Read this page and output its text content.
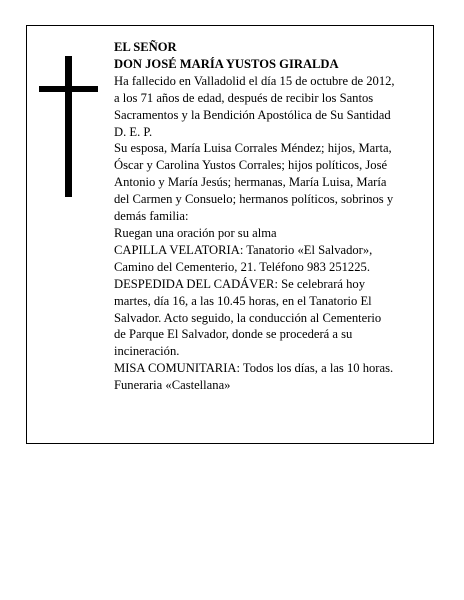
EL SEÑOR
DON JOSÉ MARÍA YUSTOS GIRALDA
Ha fallecido en Valladolid el día 15 de octubre de 2012,
a los 71 años de edad, después de recibir los Santos
Sacramentos y la Bendición Apostólica de Su Santidad
D. E. P.
Su esposa, María Luisa Corrales Méndez; hijos, Marta,
Óscar y Carolina Yustos Corrales; hijos políticos, José
Antonio y María Jesús; hermanas, María Luisa, María
del Carmen y Consuelo; hermanos políticos, sobrinos y
demás familia:
Ruegan una oración por su alma
CAPILLA VELATORIA: Tanatorio «El Salvador»,
Camino del Cementerio, 21. Teléfono 983 251225.
DESPEDIDA DEL CADÁVER: Se celebrará hoy
martes, día 16, a las 10.45 horas, en el Tanatorio El
Salvador. Acto seguido, la conducción al Cementerio
de Parque El Salvador, donde se procederá a su
incineración.
MISA COMUNITARIA: Todos los días, a las 10 horas.
Funeraria «Castellana»
